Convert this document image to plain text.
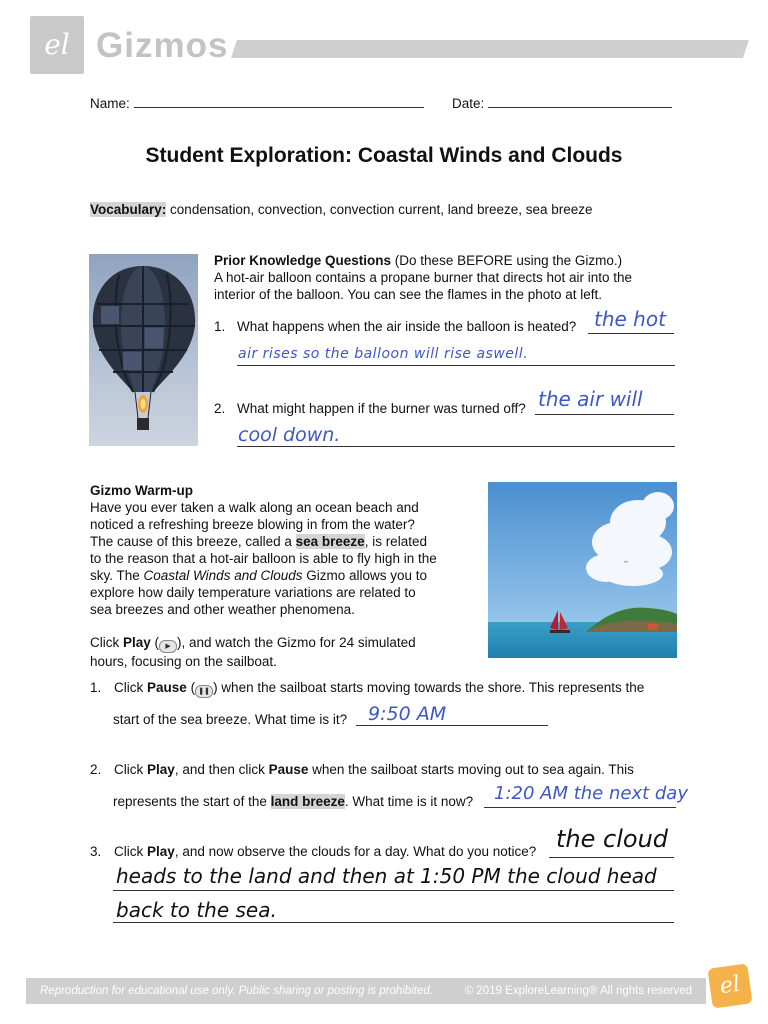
el Gizmos
Name:	Date:
Student Exploration: Coastal Winds and Clouds
Vocabulary: condensation, convection, convection current, land breeze, sea breeze
Prior Knowledge Questions (Do these BEFORE using the Gizmo.)
A hot-air balloon contains a propane burner that directs hot air into the
interior of the balloon. You can see the flames in the photo at left.
1. What happens when the air inside the balloon is heated? the hot
air rises so the balloon will rise aswell.
2. What might happen if the burner was turned off? the air will
cool down.
Gizmo Warm-up
Have you ever taken a walk along an ocean beach and
noticed a refreshing breeze blowing in from the water?
The cause of this breeze, called a sea breeze, is related
to the reason that a hot-air balloon is able to fly high in the
sky. The Coastal Winds and Clouds Gizmo allows you to
explore how daily temperature variations are related to
sea breezes and other weather phenomena.
Click Play ( ▶ ), and watch the Gizmo for 24 simulated
hours, focusing on the sailboat.
1. Click Pause ( ❚❚ ) when the sailboat starts moving towards the shore. This represents the
start of the sea breeze. What time is it? 9:50 AM
2. Click Play, and then click Pause when the sailboat starts moving out to sea again. This
represents the start of the land breeze. What time is it now? 1:20 AM the next day
3. Click Play, and now observe the clouds for a day. What do you notice? the cloud
heads to the land and then at 1:50 PM the cloud head
back to the sea.
Reproduction for educational use only. Public sharing or posting is prohibited.	© 2019 ExploreLearning® All rights reserved	el
